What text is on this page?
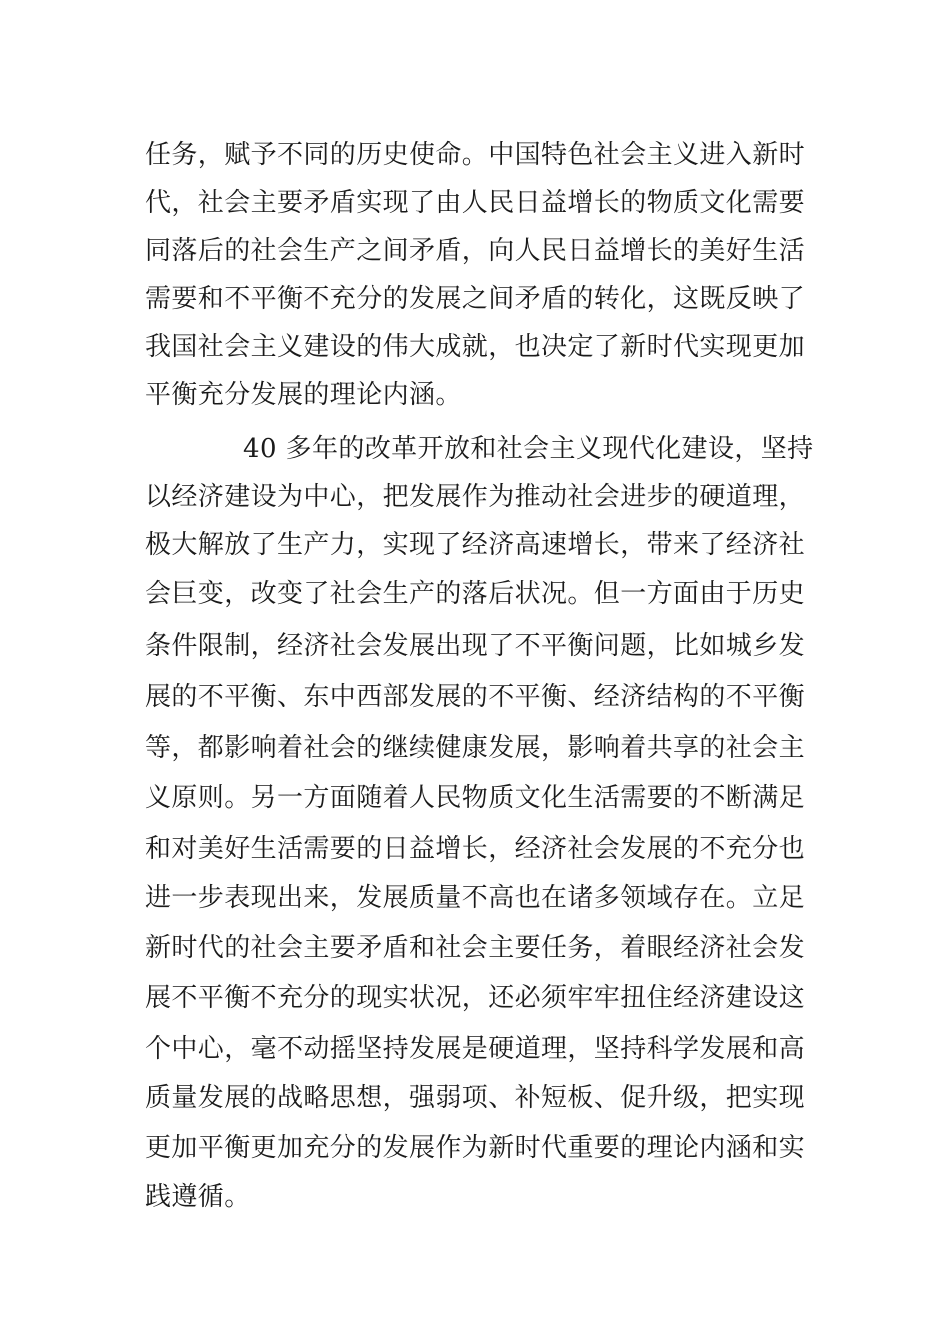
任务，赋予不同的历史使命。中国特色社会主义进入新时
代，社会主要矛盾实现了由人民日益增长的物质文化需要
同落后的社会生产之间矛盾，向人民日益增长的美好生活
需要和不平衡不充分的发展之间矛盾的转化，这既反映了
我国社会主义建设的伟大成就，也决定了新时代实现更加
平衡充分发展的理论内涵。
40 多年的改革开放和社会主义现代化建设，坚持
以经济建设为中心，把发展作为推动社会进步的硬道理，
极大解放了生产力，实现了经济高速增长，带来了经济社
会巨变，改变了社会生产的落后状况。但一方面由于历史
条件限制，经济社会发展出现了不平衡问题，比如城乡发
展的不平衡、东中西部发展的不平衡、经济结构的不平衡
等，都影响着社会的继续健康发展，影响着共享的社会主
义原则。另一方面随着人民物质文化生活需要的不断满足
和对美好生活需要的日益增长，经济社会发展的不充分也
进一步表现出来，发展质量不高也在诸多领域存在。立足
新时代的社会主要矛盾和社会主要任务，着眼经济社会发
展不平衡不充分的现实状况，还必须牢牢扭住经济建设这
个中心，毫不动摇坚持发展是硬道理，坚持科学发展和高
质量发展的战略思想，强弱项、补短板、促升级，把实现
更加平衡更加充分的发展作为新时代重要的理论内涵和实
践遵循。
